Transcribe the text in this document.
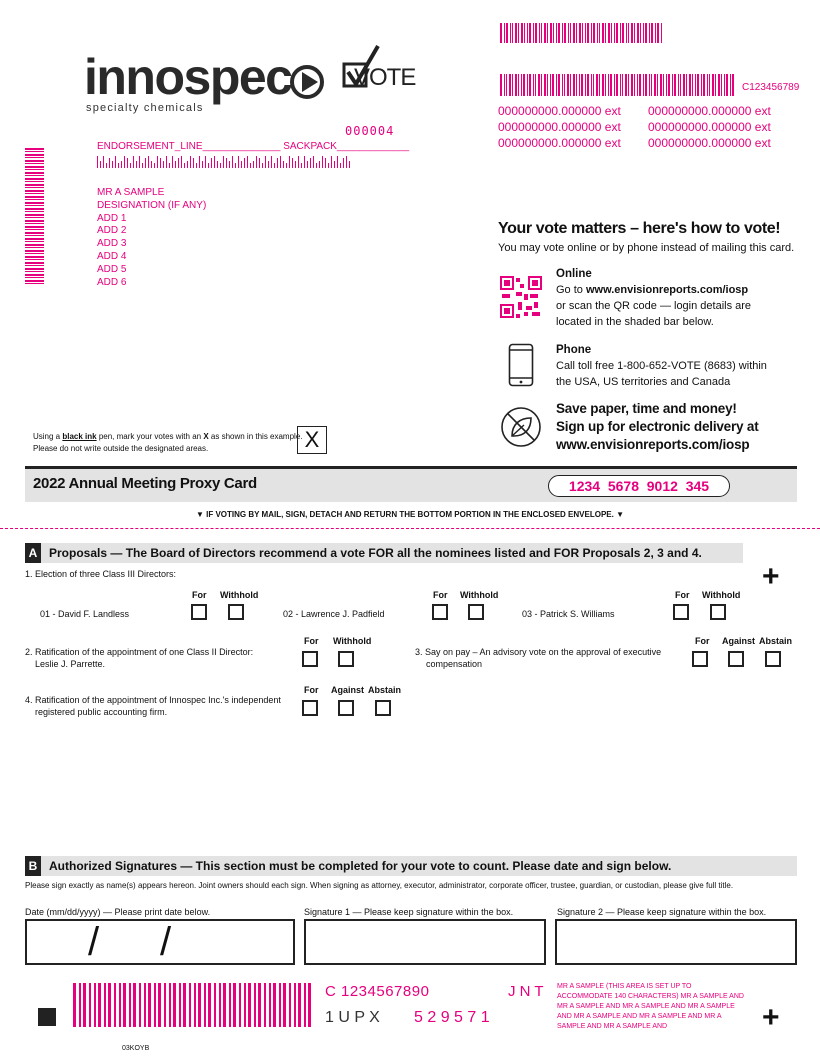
innospec
specialty chemicals
VOTE
000004
C123456789
000000000.000000 ext	000000000.000000 ext
000000000.000000 ext	000000000.000000 ext
000000000.000000 ext	000000000.000000 ext
ENDORSEMENT_LINE______________ SACKPACK_____________
MR A SAMPLE
DESIGNATION (IF ANY)
ADD 1
ADD 2
ADD 3
ADD 4
ADD 5
ADD 6
Your vote matters – here's how to vote!
You may vote online or by phone instead of mailing this card.
Online
Go to www.envisionreports.com/iosp
or scan the QR code — login details are
located in the shaded bar below.
Phone
Call toll free 1-800-652-VOTE (8683) within
the USA, US territories and Canada
Save paper, time and money!
Sign up for electronic delivery at
www.envisionreports.com/iosp
Using a black ink pen, mark your votes with an X as shown in this example.
Please do not write outside the designated areas.	X
2022 Annual Meeting Proxy Card	1234  5678  9012  345
▼ IF VOTING BY MAIL, SIGN, DETACH AND RETURN THE BOTTOM PORTION IN THE ENCLOSED ENVELOPE. ▼
A Proposals — The Board of Directors recommend a vote FOR all the nominees listed and FOR Proposals 2, 3 and 4.
1. Election of three Class III Directors:	+
For Withhold
01 - David F. Landless
For Withhold
02 - Lawrence J. Padfield
For Withhold
03 - Patrick S. Williams
2. Ratification of the appointment of one Class II Director:
Leslie J. Parrette.
For Withhold
3. Say on pay – An advisory vote on the approval of executive
compensation
For Against Abstain
4. Ratification of the appointment of Innospec Inc.'s independent
registered public accounting firm.
For Against Abstain
B Authorized Signatures — This section must be completed for your vote to count. Please date and sign below.
Please sign exactly as name(s) appears hereon. Joint owners should each sign. When signing as attorney, executor, administrator, corporate officer, trustee, guardian, or custodian, please give full title.
Date (mm/dd/yyyy) — Please print date below.	Signature 1 — Please keep signature within the box.	Signature 2 — Please keep signature within the box.
/ /
C 1234567890	J N T
1 U P X 5 2 9 5 7 1
MR A SAMPLE (THIS AREA IS SET UP TO ACCOMMODATE 140 CHARACTERS) MR A SAMPLE AND MR A SAMPLE AND MR A SAMPLE AND MR A SAMPLE AND MR A SAMPLE AND MR A SAMPLE AND MR A SAMPLE AND MR A SAMPLE AND	+
03KOYB
